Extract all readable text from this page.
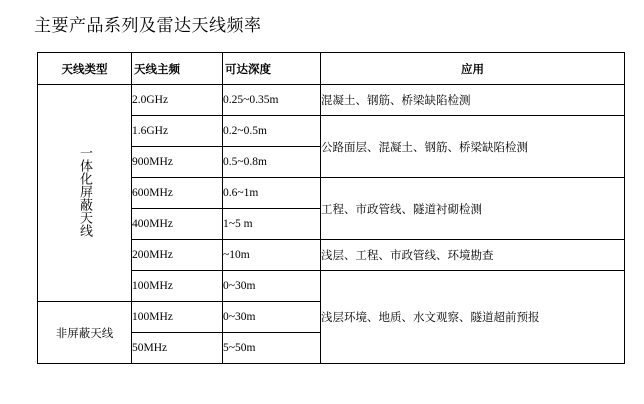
主要产品系列及雷达天线频率
天线类型	天线主频	可达深度	应用
一体化屏蔽天线	2.0GHz	0.25~0.35m	混凝土、钢筋、桥梁缺陷检测
	1.6GHz	0.2~0.5m	公路面层、混凝土、钢筋、桥梁缺陷检测
	900MHz	0.5~0.8m	
	600MHz	0.6~1m	工程、市政管线、隧道衬砌检测
	400MHz	1~5 m	
	200MHz	~10m	浅层、工程、市政管线、环境勘查
	100MHz	0~30m	浅层环境、地质、水文观察、隧道超前预报
非屏蔽天线	100MHz	0~30m	
	50MHz	5~50m	
